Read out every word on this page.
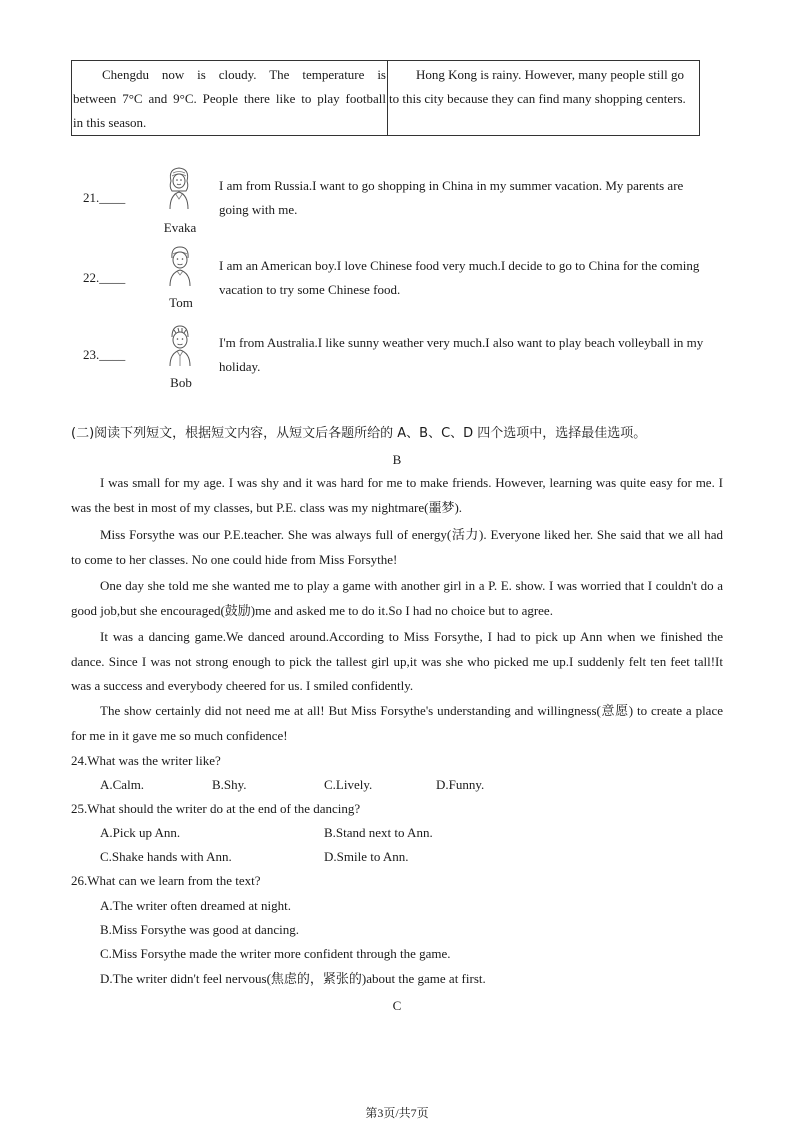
Chengdu now is cloudy. The temperature is
between 7°C and 9°C. People there like to play football
in this season.

Hong Kong is rainy. However, many people still go
to this city because they can find many shopping centers.
21.____
Evaka
I am from Russia.I want to go shopping in China in my summer vacation. My parents are going with me.
22.____
Tom
I am an American boy.I love Chinese food very much.I decide to go to China for the coming vacation to try some Chinese food.
23.____
Bob
I'm from Australia.I like sunny weather very much.I also want to play beach volleyball in my holiday.
(二)阅读下列短文，根据短文内容，从短文后各题所给的 A、B、C、D 四个选项中，选择最佳选项。
B

I was small for my age. I was shy and it was hard for me to make friends. However, learning was quite easy for me. I was the best in most of my classes, but P.E. class was my nightmare(噩梦).

Miss Forsythe was our P.E.teacher. She was always full of energy(活力). Everyone liked her. She said that we all had to come to her classes. No one could hide from Miss Forsythe!

One day she told me she wanted me to play a game with another girl in a P. E. show. I was worried that I couldn't do a good job,but she encouraged(鼓励)me and asked me to do it.So I had no choice but to agree.

It was a dancing game.We danced around.According to Miss Forsythe, I had to pick up Ann when we finished the dance. Since I was not strong enough to pick the tallest girl up,it was she who picked me up.I suddenly felt ten feet tall!It was a success and everybody cheered for us. I smiled confidently.

The show certainly did not need me at all! But Miss Forsythe's understanding and willingness(意愿) to create a place for me in it gave me so much confidence!

24.What was the writer like?
A.Calm.	B.Shy.	C.Lively.	D.Funny.
25.What should the writer do at the end of the dancing?
A.Pick up Ann.	B.Stand next to Ann.
C.Shake hands with Ann.	D.Smile to Ann.
26.What can we learn from the text?
A.The writer often dreamed at night.
B.Miss Forsythe was good at dancing.
C.Miss Forsythe made the writer more confident through the game.
D.The writer didn't feel nervous(焦虑的，紧张的)about the game at first.
C
第3页/共7页
